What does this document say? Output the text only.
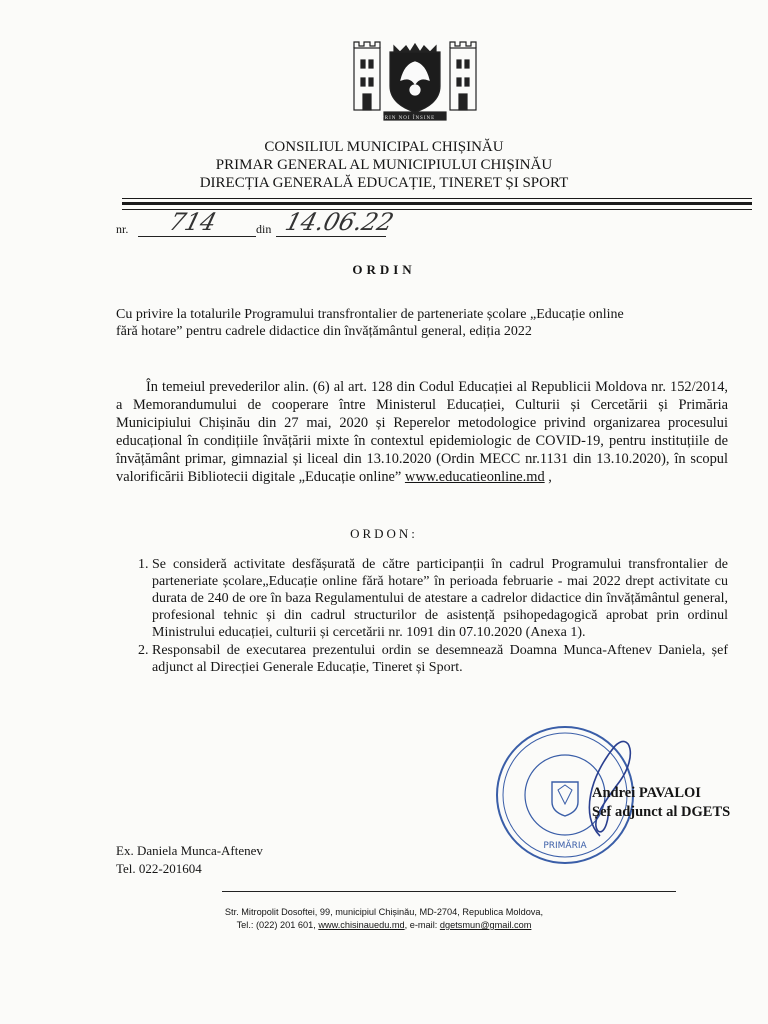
PRIN NOI ÎNSINE
CONSILIUL MUNICIPAL CHIȘINĂU
PRIMAR GENERAL AL MUNICIPIULUI CHIȘINĂU
DIRECȚIA GENERALĂ EDUCAȚIE, TINERET ȘI SPORT
nr. 714	din 14.06.22
ORDIN
Cu privire la totalurile Programului transfrontalier de parteneriate școlare „Educație online fără hotare” pentru cadrele didactice din învățământul general, ediția 2022
În temeiul prevederilor alin. (6) al art. 128 din Codul Educației al Republicii Moldova nr. 152/2014, a Memorandumului de cooperare între Ministerul Educației, Culturii și Cercetării și Primăria Municipiului Chișinău din 27 mai, 2020 și Reperelor metodologice privind organizarea procesului educațional în condițiile învățării mixte în contextul epidemiologic de COVID-19, pentru instituțiile de învățământ primar, gimnazial și liceal din 13.10.2020 (Ordin MECC nr.1131 din 13.10.2020), în scopul valorificării Bibliotecii digitale „Educație online” www.educatieonline.md ,
ORDON:
1. Se consideră activitate desfășurată de către participanții în cadrul Programului transfrontalier de parteneriate școlare„Educație online fără hotare” în perioada februarie - mai 2022 drept activitate cu durata de 240 de ore în baza Regulamentului de atestare a cadrelor didactice din învățământul general, profesional tehnic și din cadrul structurilor de asistență psihopedagogică aprobat prin ordinul Ministrului educației, culturii și cercetării nr. 1091 din 07.10.2020 (Anexa 1).
2. Responsabil de executarea prezentului ordin se desemnează Doamna Munca-Aftenev Daniela, șef adjunct al Direcției Generale Educație, Tineret și Sport.
PRIMĂRIA
Andrei PAVALOI
Șef adjunct al DGETS
Ex. Daniela Munca-Aftenev
Tel. 022-201604
Str. Mitropolit Dosoftei, 99, municipiul Chișinău, MD-2704, Republica Moldova,
Tel.: (022) 201 601, www.chisinauedu.md, e-mail: dgetsmun@gmail.com
